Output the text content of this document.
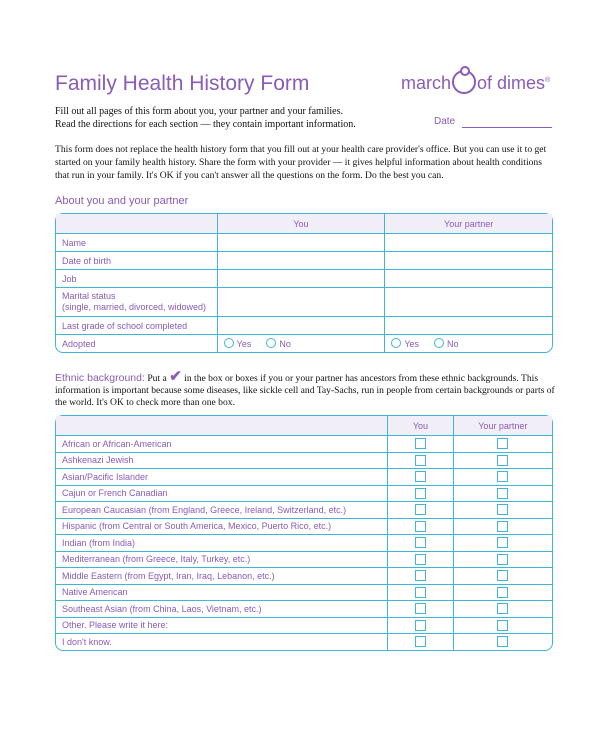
Family Health History Form	march of dimes®
Fill out all pages of this form about you, your partner and your families.
Read the directions for each section — they contain important information.	Date
This form does not replace the health history form that you fill out at your health care provider's office. But you can use it to get started on your family health history. Share the form with your provider — it gives helpful information about health conditions that run in your family. It's OK if you can't answer all the questions on the form. Do the best you can.
About you and your partner
	You	Your partner
Name		
Date of birth		
Job		

Marital status
(single, married, divorced, widowed)		

Last grade of school completed		
Adopted	Yes No	Yes No
Ethnic background: Put a ✔ in the box or boxes if you or your partner has ancestors from these ethnic backgrounds. This information is important because some diseases, like sickle cell and Tay-Sachs, run in people from certain backgrounds or parts of the world. It's OK to check more than one box.
	You	Your partner
African or African-American	

Ashkenazi Jewish	

Asian/Pacific Islander	

Cajun or French Canadian	

European Caucasian (from England, Greece, Ireland, Switzerland, etc.)	

Hispanic (from Central or South America, Mexico, Puerto Rico, etc.)	

Indian (from India)	

Mediterranean (from Greece, Italy, Turkey, etc.)	

Middle Eastern (from Egypt, Iran, Iraq, Lebanon, etc.)	

Native American	

Southeast Asian (from China, Laos, Vietnam, etc.)	

Other. Please write it here:	

I don't know.	
